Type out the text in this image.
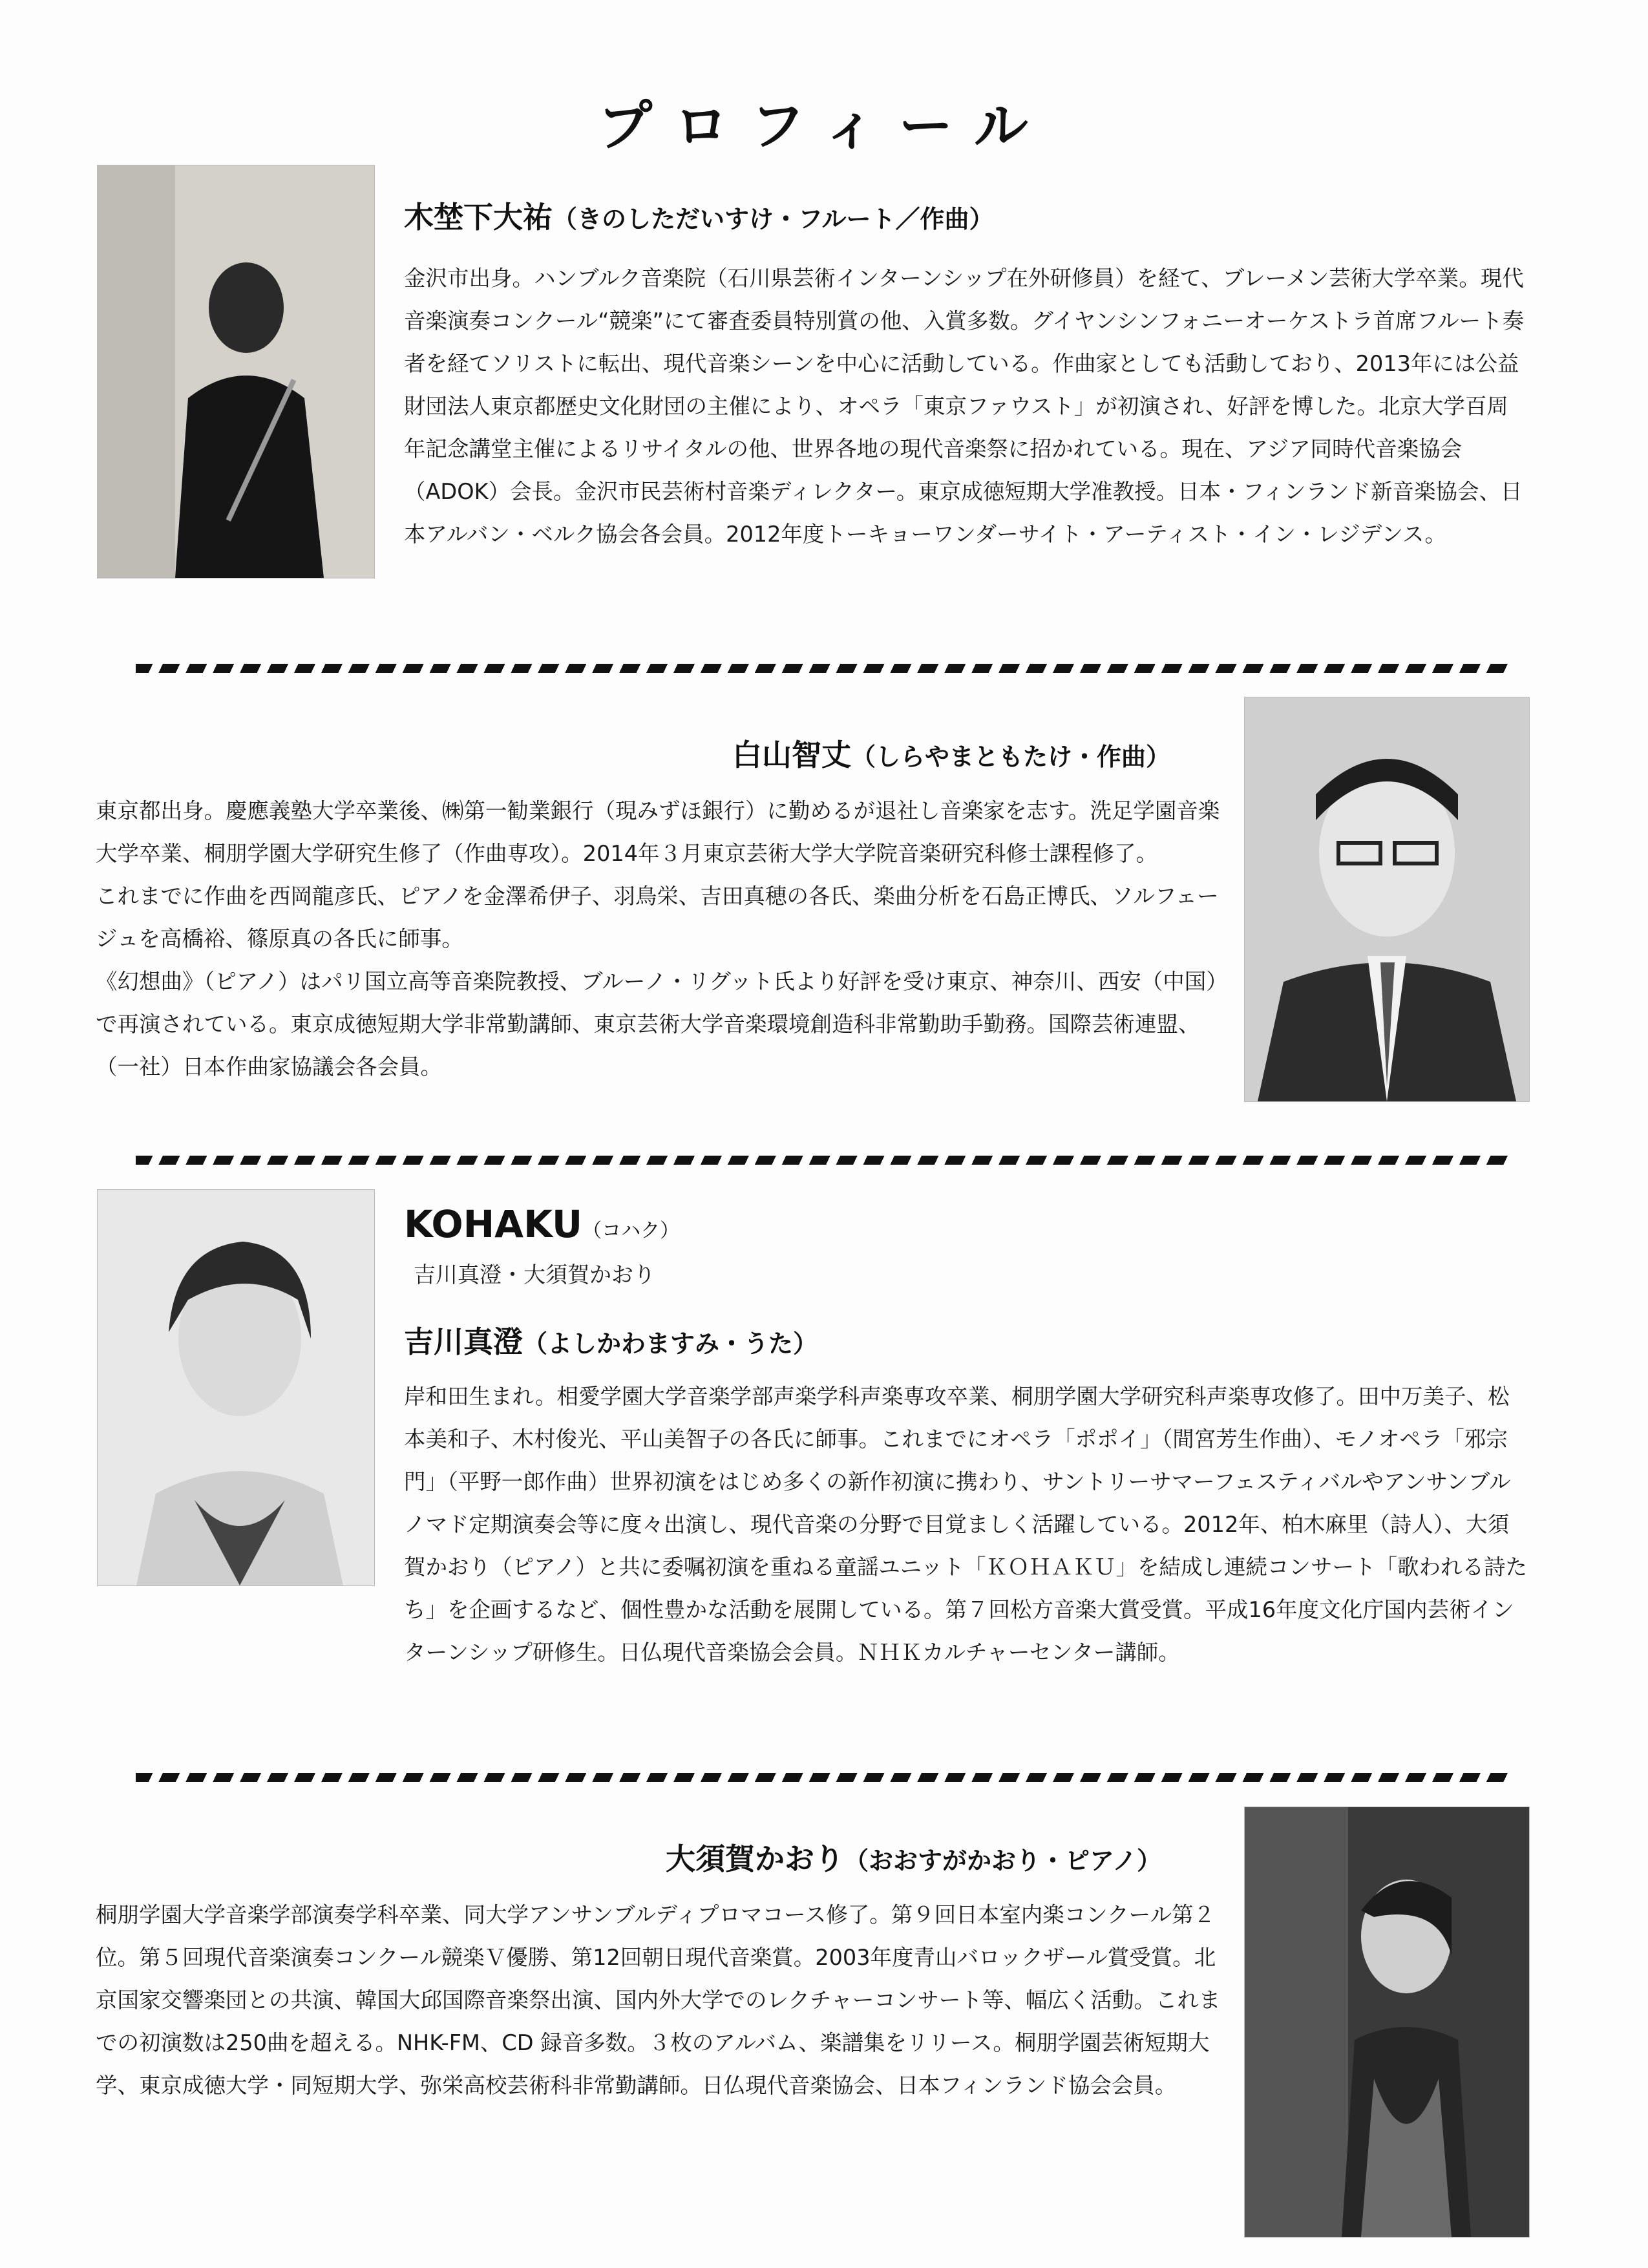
プロフィール
木埜下大祐（きのしただいすけ・フルート／作曲）

金沢市出身。ハンブルク音楽院（石川県芸術インターンシップ在外研修員）を経て、ブレーメン芸術大学卒業。現代音楽演奏コンクール“競楽”にて審査委員特別賞の他、入賞多数。グイヤンシンフォニーオーケストラ首席フルート奏者を経てソリストに転出、現代音楽シーンを中心に活動している。作曲家としても活動しており、2013年には公益財団法人東京都歴史文化財団の主催により、オペラ「東京ファウスト」が初演され、好評を博した。北京大学百周年記念講堂主催によるリサイタルの他、世界各地の現代音楽祭に招かれている。現在、アジア同時代音楽協会（ADOK）会長。金沢市民芸術村音楽ディレクター。東京成徳短期大学准教授。日本・フィンランド新音楽協会、日本アルバン・ベルク協会各会員。2012年度トーキョーワンダーサイト・アーティスト・イン・レジデンス。

白山智丈（しらやまともたけ・作曲）

東京都出身。慶應義塾大学卒業後、㈱第一勧業銀行（現みずほ銀行）に勤めるが退社し音楽家を志す。洗足学園音楽大学卒業、桐朋学園大学研究生修了（作曲専攻）。2014年３月東京芸術大学大学院音楽研究科修士課程修了。

これまでに作曲を西岡龍彦氏、ピアノを金澤希伊子、羽鳥栄、吉田真穂の各氏、楽曲分析を石島正博氏、ソルフェージュを高橋裕、篠原真の各氏に師事。

《幻想曲》（ピアノ）はパリ国立高等音楽院教授、ブルーノ・リグット氏より好評を受け東京、神奈川、西安（中国）で再演されている。東京成徳短期大学非常勤講師、東京芸術大学音楽環境創造科非常勤助手勤務。国際芸術連盟、（一社）日本作曲家協議会各会員。

KOHAKU（コハク）
吉川真澄・大須賀かおり
吉川真澄（よしかわますみ・うた）

岸和田生まれ。相愛学園大学音楽学部声楽学科声楽専攻卒業、桐朋学園大学研究科声楽専攻修了。田中万美子、松本美和子、木村俊光、平山美智子の各氏に師事。これまでにオペラ「ポポイ」（間宮芳生作曲）、モノオペラ「邪宗門」（平野一郎作曲）世界初演をはじめ多くの新作初演に携わり、サントリーサマーフェスティバルやアンサンブルノマド定期演奏会等に度々出演し、現代音楽の分野で目覚ましく活躍している。2012年、柏木麻里（詩人）、大須賀かおり（ピアノ）と共に委嘱初演を重ねる童謡ユニット「ＫＯＨＡＫＵ」を結成し連続コンサート「歌われる詩たち」を企画するなど、個性豊かな活動を展開している。第７回松方音楽大賞受賞。平成16年度文化庁国内芸術インターンシップ研修生。日仏現代音楽協会会員。ＮＨＫカルチャーセンター講師。

大須賀かおり（おおすがかおり・ピアノ）

桐朋学園大学音楽学部演奏学科卒業、同大学アンサンブルディプロマコース修了。第９回日本室内楽コンクール第２位。第５回現代音楽演奏コンクール競楽Ｖ優勝、第12回朝日現代音楽賞。2003年度青山バロックザール賞受賞。北京国家交響楽団との共演、韓国大邱国際音楽祭出演、国内外大学でのレクチャーコンサート等、幅広く活動。これまでの初演数は250曲を超える。NHK-FM、CD 録音多数。３枚のアルバム、楽譜集をリリース。桐朋学園芸術短期大学、東京成徳大学・同短期大学、弥栄高校芸術科非常勤講師。日仏現代音楽協会、日本フィンランド協会会員。
